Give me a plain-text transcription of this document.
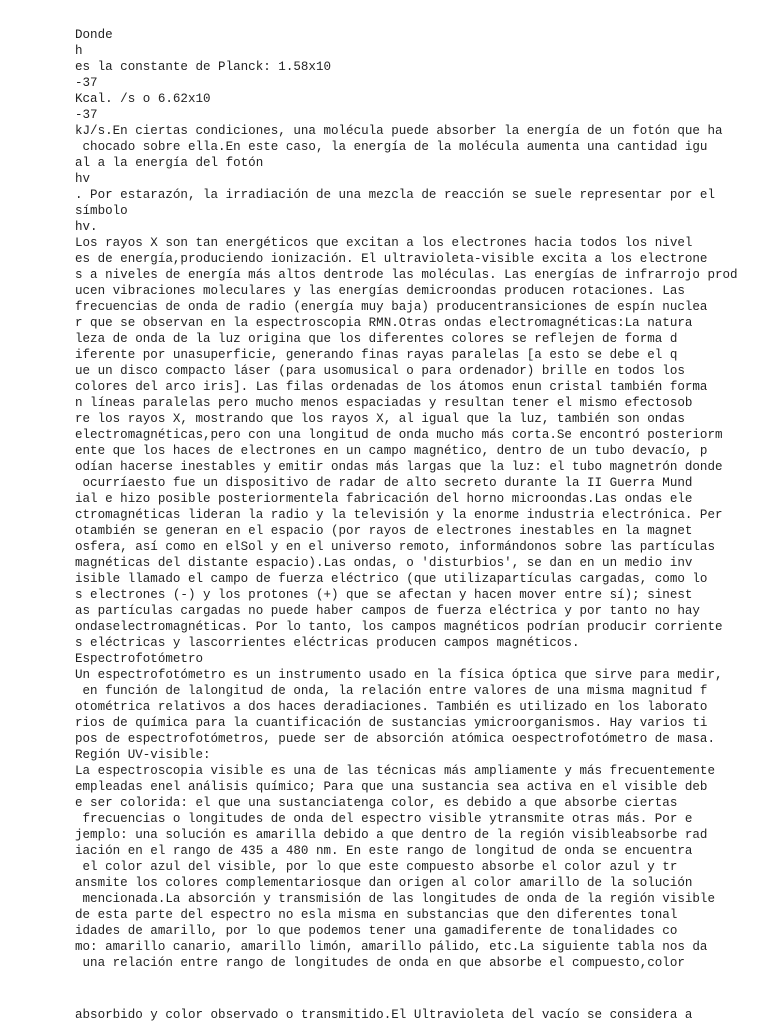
Donde
h
es la constante de Planck: 1.58x10
-37
Kcal. /s o 6.62x10
-37
kJ/s.En ciertas condiciones, una molécula puede absorber la energía de un fotón que ha
chocado sobre ella.En este caso, la energía de la molécula aumenta una cantidad igu
al a la energía del fotón
hv
. Por estarazón, la irradiación de una mezcla de reacción se suele representar por el
símbolo
hv.
Los rayos X son tan energéticos que excitan a los electrones hacia todos los nivel
es de energía,produciendo ionización. El ultravioleta-visible excita a los electrone
s a niveles de energía más altos dentrode las moléculas. Las energías de infrarrojo prod
ucen vibraciones moleculares y las energías demicroondas producen rotaciones. Las
frecuencias de onda de radio (energía muy baja) producentransiciones de espín nuclea
r que se observan en la espectroscopia RMN.Otras ondas electromagnéticas:La natura
leza de onda de la luz origina que los diferentes colores se reflejen de forma d
iferente por unasuperficie, generando finas rayas paralelas [a esto se debe el q
ue un disco compacto láser (para usomusical o para ordenador) brille en todos los
colores del arco iris]. Las filas ordenadas de los átomos enun cristal también forma
n líneas paralelas pero mucho menos espaciadas y resultan tener el mismo efectosob
re los rayos X, mostrando que los rayos X, al igual que la luz, también son ondas
electromagnéticas,pero con una longitud de onda mucho más corta.Se encontró posteriorm
ente que los haces de electrones en un campo magnético, dentro de un tubo devacío, p
odían hacerse inestables y emitir ondas más largas que la luz: el tubo magnetrón donde
ocurríaesto fue un dispositivo de radar de alto secreto durante la II Guerra Mund
ial e hizo posible posteriormentela fabricación del horno microondas.Las ondas ele
ctromagnéticas lideran la radio y la televisión y la enorme industria electrónica. Per
otambién se generan en el espacio (por rayos de electrones inestables en la magnet
osfera, así como en elSol y en el universo remoto, informándonos sobre las partículas
magnéticas del distante espacio).Las ondas, o 'disturbios', se dan en un medio inv
isible llamado el campo de fuerza eléctrico (que utilizapartículas cargadas, como lo
s electrones (-) y los protones (+) que se afectan y hacen mover entre sí); sinest
as partículas cargadas no puede haber campos de fuerza eléctrica y por tanto no hay
ondaselectromagnéticas. Por lo tanto, los campos magnéticos podrían producir corriente
s eléctricas y lascorrientes eléctricas producen campos magnéticos.
Espectrofotómetro
Un espectrofotómetro es un instrumento usado en la física óptica que sirve para medir,
en función de lalongitud de onda, la relación entre valores de una misma magnitud f
otométrica relativos a dos haces deradiaciones. También es utilizado en los laborato
rios de química para la cuantificación de sustancias ymicroorganismos. Hay varios ti
pos de espectrofotómetros, puede ser de absorción atómica oespectrofotómetro de masa.
Región UV-visible:
La espectroscopia visible es una de las técnicas más ampliamente y más frecuentemente
empleadas enel análisis químico; Para que una sustancia sea activa en el visible deb
e ser colorida: el que una sustanciatenga color, es debido a que absorbe ciertas
frecuencias o longitudes de onda del espectro visible ytransmite otras más. Por e
jemplo: una solución es amarilla debido a que dentro de la región visibleabsorbe rad
iación en el rango de 435 a 480 nm. En este rango de longitud de onda se encuentra
el color azul del visible, por lo que este compuesto absorbe el color azul y tr
ansmite los colores complementariosque dan origen al color amarillo de la solución
mencionada.La absorción y transmisión de las longitudes de onda de la región visible
de esta parte del espectro no esla misma en substancias que den diferentes tonal
idades de amarillo, por lo que podemos tener una gamadiferente de tonalidades co
mo: amarillo canario, amarillo limón, amarillo pálido, etc.La siguiente tabla nos da
una relación entre rango de longitudes de onda en que absorbe el compuesto,color
absorbido y color observado o transmitido.El Ultravioleta del vacío se considera a
